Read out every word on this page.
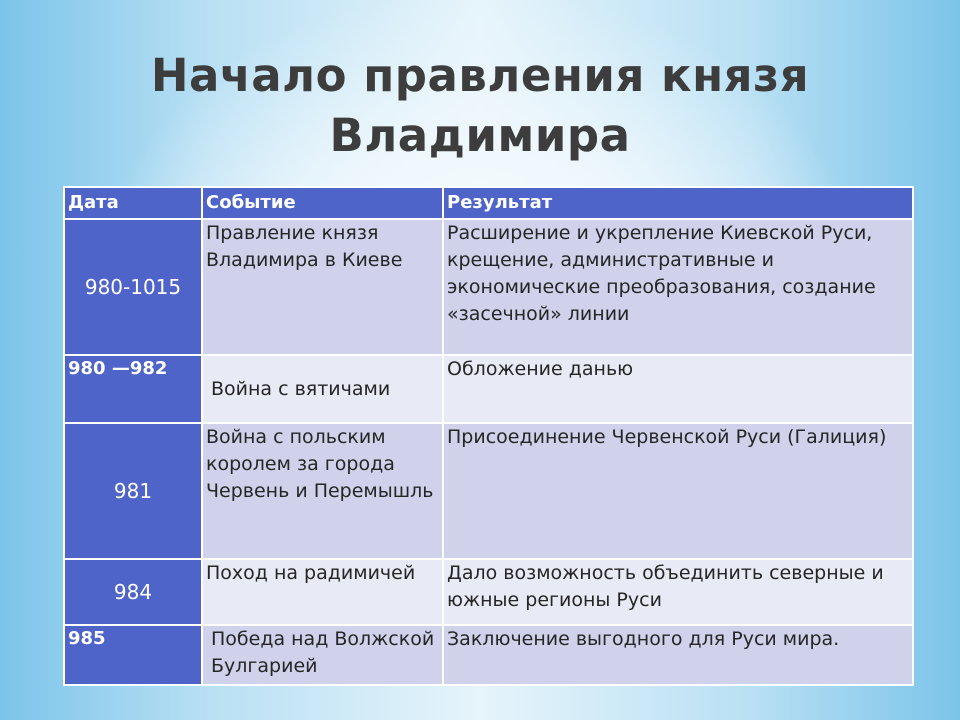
Начало правления князя
Владимира
Дата	Событие	Результат
980-1015	Правление князя Владимира в Киеве	Расширение и укрепление Киевской Руси, крещение, административные и экономические преобразования, создание «засечной» линии
980 —982	Война с вятичами	Обложение данью
981	Война с польским королем за города Червень и Перемышль	Присоединение Червенской Руси (Галиция)
984	Поход на радимичей	Дало возможность объединить северные и южные регионы Руси
985	Победа над Волжской Булгарией	Заключение выгодного для Руси мира.
